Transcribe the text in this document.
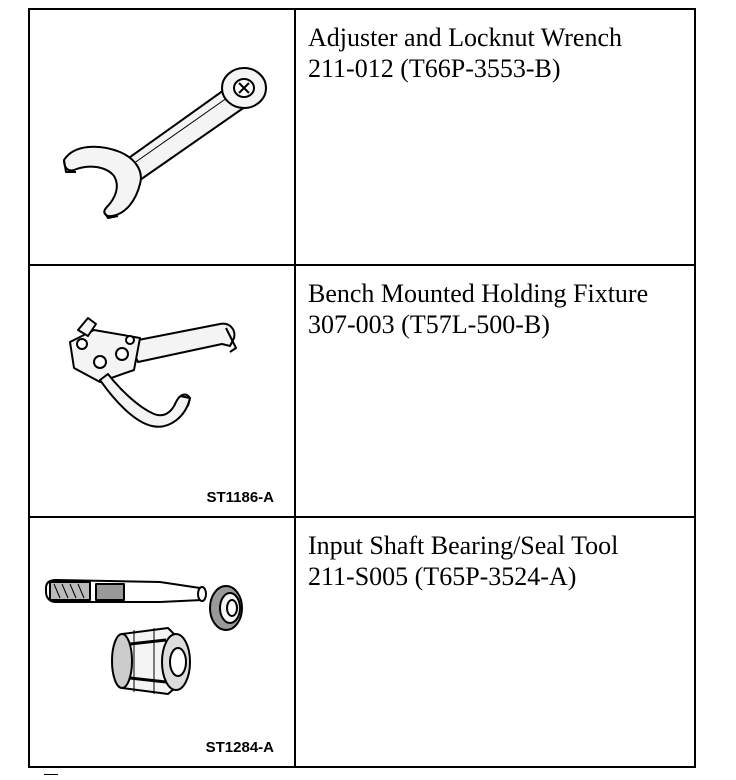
Adjuster and Locknut Wrench
211-012 (T66P-3553-B)
ST1186-A
Bench Mounted Holding Fixture
307-003 (T57L-500-B)
ST1284-A
Input Shaft Bearing/Seal Tool
211-S005 (T65P-3524-A)
